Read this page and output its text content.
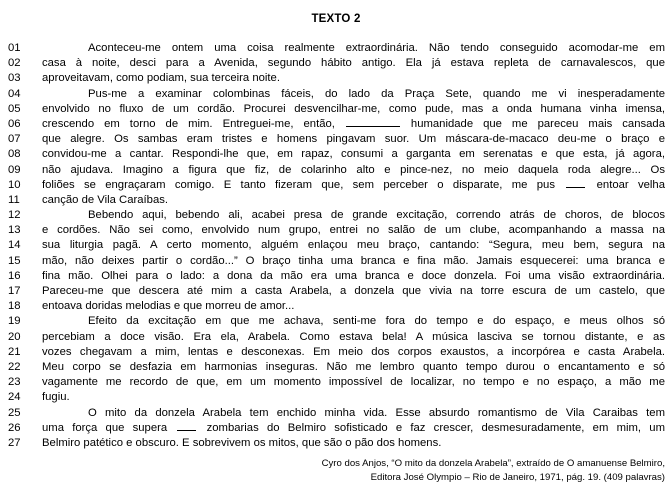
TEXTO 2
01	Aconteceu-me ontem uma coisa realmente extraordinária. Não tendo conseguido acomodar-me em
02	casa à noite, desci para a Avenida, segundo hábito antigo. Ela já estava repleta de carnavalescos, que
03	aproveitavam, como podiam, sua terceira noite.
04	Pus-me a examinar colombinas fáceis, do lado da Praça Sete, quando me vi inesperadamente
05	envolvido no fluxo de um cordão. Procurei desvencilhar-me, como pude, mas a onda humana vinha imensa,
06	crescendo em torno de mim. Entreguei-me, então,	humanidade que me pareceu mais cansada
07	que alegre. Os sambas eram tristes e homens pingavam suor. Um máscara-de-macaco deu-me o braço e
08	convidou-me a cantar. Respondi-lhe que, em rapaz, consumi a garganta em serenatas e que esta, já agora,
09	não ajudava. Imagino a figura que fiz, de colarinho alto e pince-nez, no meio daquela roda alegre... Os
10	foliões se engraçaram comigo. E tanto fizeram que, sem perceber o disparate, me pus  entoar velha
11	canção de Vila Caraíbas.
12	Bebendo aqui, bebendo ali, acabei presa de grande excitação, correndo atrás de choros, de blocos
13	e cordões. Não sei como, envolvido num grupo, entrei no salão de um clube, acompanhando a massa na
14	sua liturgia pagã. A certo momento, alguém enlaçou meu braço, cantando: “Segura, meu bem, segura na
15	mão, não deixes partir o cordão...” O braço tinha uma branca e fina mão. Jamais esquecerei: uma branca e
16	fina mão. Olhei para o lado: a dona da mão era uma branca e doce donzela. Foi uma visão extraordinária.
17	Pareceu-me que descera até mim a casta Arabela, a donzela que vivia na torre escura de um castelo, que
18	entoava doridas melodias e que morreu de amor...
19	Efeito da excitação em que me achava, senti-me fora do tempo e do espaço, e meus olhos só
20	percebiam a doce visão. Era ela, Arabela. Como estava bela! A música lasciva se tornou distante, e as
21	vozes chegavam a mim, lentas e desconexas. Em meio dos corpos exaustos, a incorpórea e casta Arabela.
22	Meu corpo se desfazia em harmonias inseguras. Não me lembro quanto tempo durou o encantamento e só
23	vagamente me recordo de que, em um momento impossível de localizar, no tempo e no espaço, a mão me
24	fugiu.
25	O mito da donzela Arabela tem enchido minha vida. Esse absurdo romantismo de Vila Caraibas tem
26	uma força que supera  zombarias do Belmiro sofisticado e faz crescer, desmesuradamente, em mim, um
27	Belmiro patético e obscuro. E sobrevivem os mitos, que são o pão dos homens.
Cyro dos Anjos, “O mito da donzela Arabela”, extraído de O amanuense Belmiro,
Editora José Olympio – Rio de Janeiro, 1971, pág. 19. (409 palavras)
